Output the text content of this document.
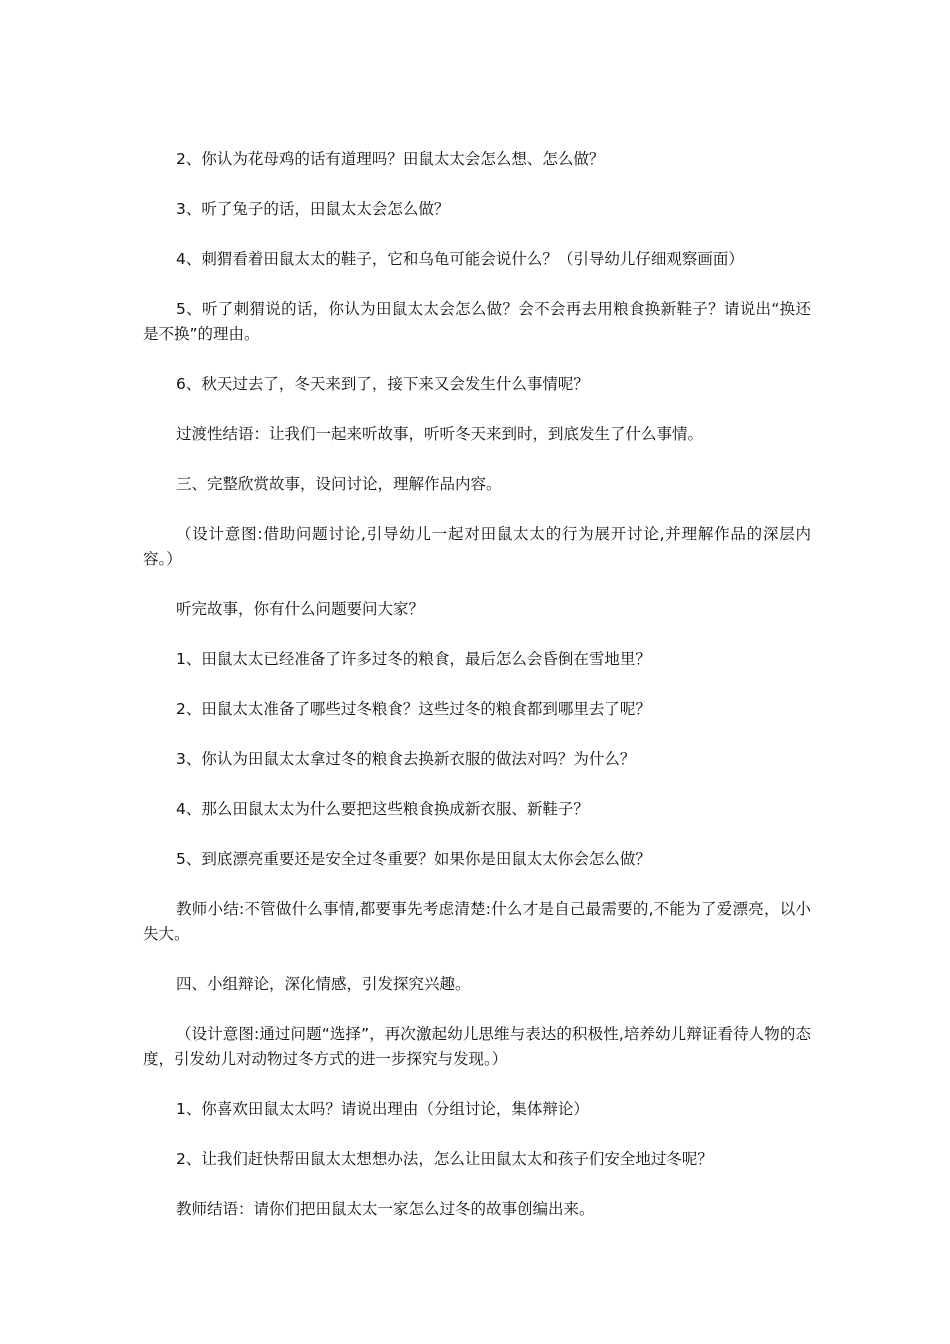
2、你认为花母鸡的话有道理吗？田鼠太太会怎么想、怎么做？

3、听了兔子的话，田鼠太太会怎么做？

4、刺猬看着田鼠太太的鞋子，它和乌龟可能会说什么？（引导幼儿仔细观察画面）

5、听了刺猬说的话，你认为田鼠太太会怎么做？会不会再去用粮食换新鞋子？请说出“换还是不换”的理由。

6、秋天过去了，冬天来到了，接下来又会发生什么事情呢？

过渡性结语：让我们一起来听故事，听听冬天来到时，到底发生了什么事情。

三、完整欣赏故事，设问讨论，理解作品内容。

（设计意图:借助问题讨论,引导幼儿一起对田鼠太太的行为展开讨论,并理解作品的深层内容。）

听完故事，你有什么问题要问大家？

1、田鼠太太已经准备了许多过冬的粮食，最后怎么会昏倒在雪地里？

2、田鼠太太准备了哪些过冬粮食？这些过冬的粮食都到哪里去了呢？

3、你认为田鼠太太拿过冬的粮食去换新衣服的做法对吗？为什么？

4、那么田鼠太太为什么要把这些粮食换成新衣服、新鞋子？

5、到底漂亮重要还是安全过冬重要？如果你是田鼠太太你会怎么做？

教师小结:不管做什么事情,都要事先考虑清楚:什么才是自己最需要的,不能为了爱漂亮，以小失大。

四、小组辩论，深化情感，引发探究兴趣。

（设计意图:通过问题“选择”，再次激起幼儿思维与表达的积极性,培养幼儿辩证看待人物的态度，引发幼儿对动物过冬方式的进一步探究与发现。）

1、你喜欢田鼠太太吗？请说出理由（分组讨论，集体辩论）

2、让我们赶快帮田鼠太太想想办法，怎么让田鼠太太和孩子们安全地过冬呢？

教师结语：请你们把田鼠太太一家怎么过冬的故事创编出来。
